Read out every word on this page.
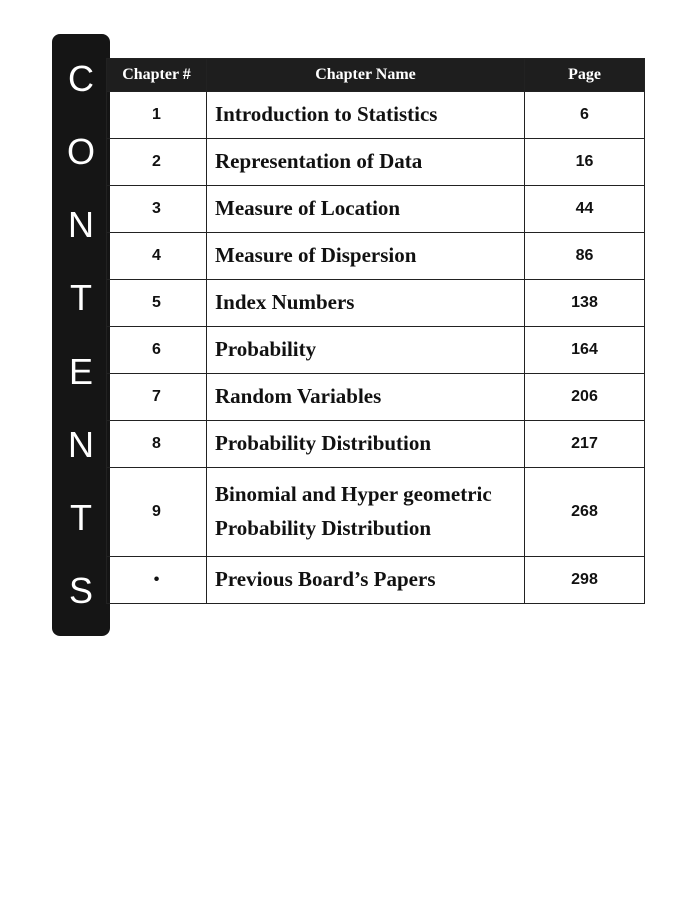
C
O
N
T
E
N
T
S
Chapter #	Chapter Name	Page
1	Introduction to Statistics	6
2	Representation of Data	16
3	Measure of Location	44
4	Measure of Dispersion	86
5	Index Numbers	138
6	Probability	164
7	Random Variables	206
8	Probability Distribution	217
9	Binomial and Hyper geometric Probability Distribution	268
•	Previous Board’s Papers	298
